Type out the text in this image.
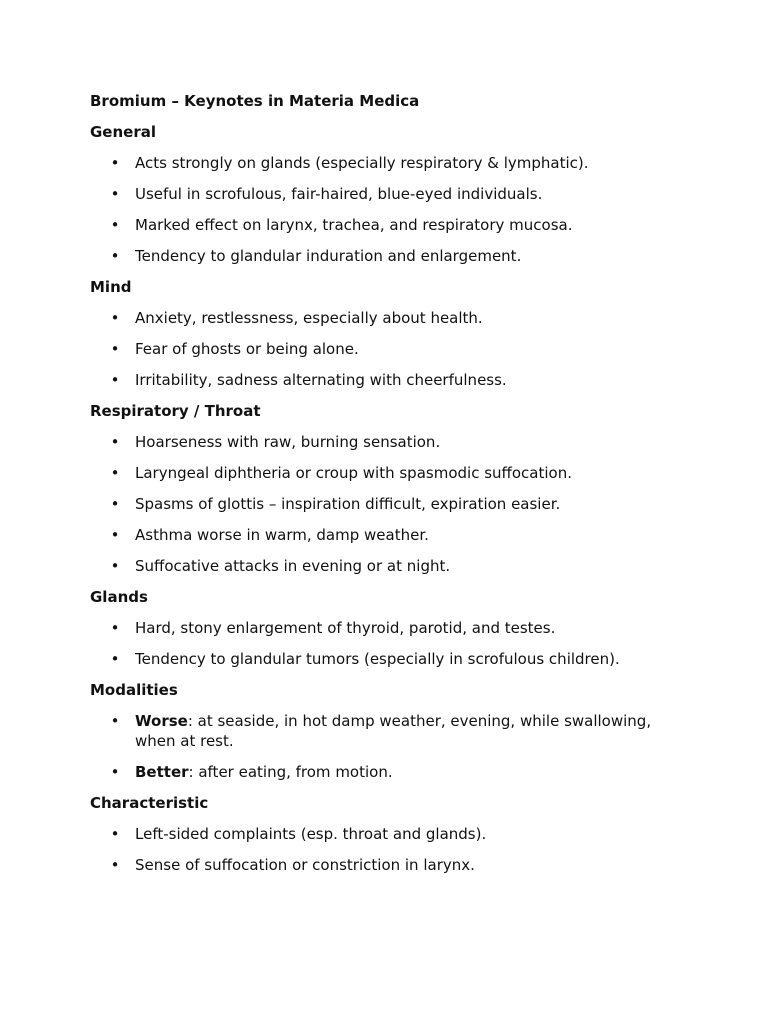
Bromium – Keynotes in Materia Medica
General
• Acts strongly on glands (especially respiratory & lymphatic).
• Useful in scrofulous, fair-haired, blue-eyed individuals.
• Marked effect on larynx, trachea, and respiratory mucosa.
• Tendency to glandular induration and enlargement.
Mind
• Anxiety, restlessness, especially about health.
• Fear of ghosts or being alone.
• Irritability, sadness alternating with cheerfulness.
Respiratory / Throat
• Hoarseness with raw, burning sensation.
• Laryngeal diphtheria or croup with spasmodic suffocation.
• Spasms of glottis – inspiration difficult, expiration easier.
• Asthma worse in warm, damp weather.
• Suffocative attacks in evening or at night.
Glands
• Hard, stony enlargement of thyroid, parotid, and testes.
• Tendency to glandular tumors (especially in scrofulous children).
Modalities
• Worse: at seaside, in hot damp weather, evening, while swallowing, when at rest.
• Better: after eating, from motion.
Characteristic
• Left-sided complaints (esp. throat and glands).
• Sense of suffocation or constriction in larynx.
